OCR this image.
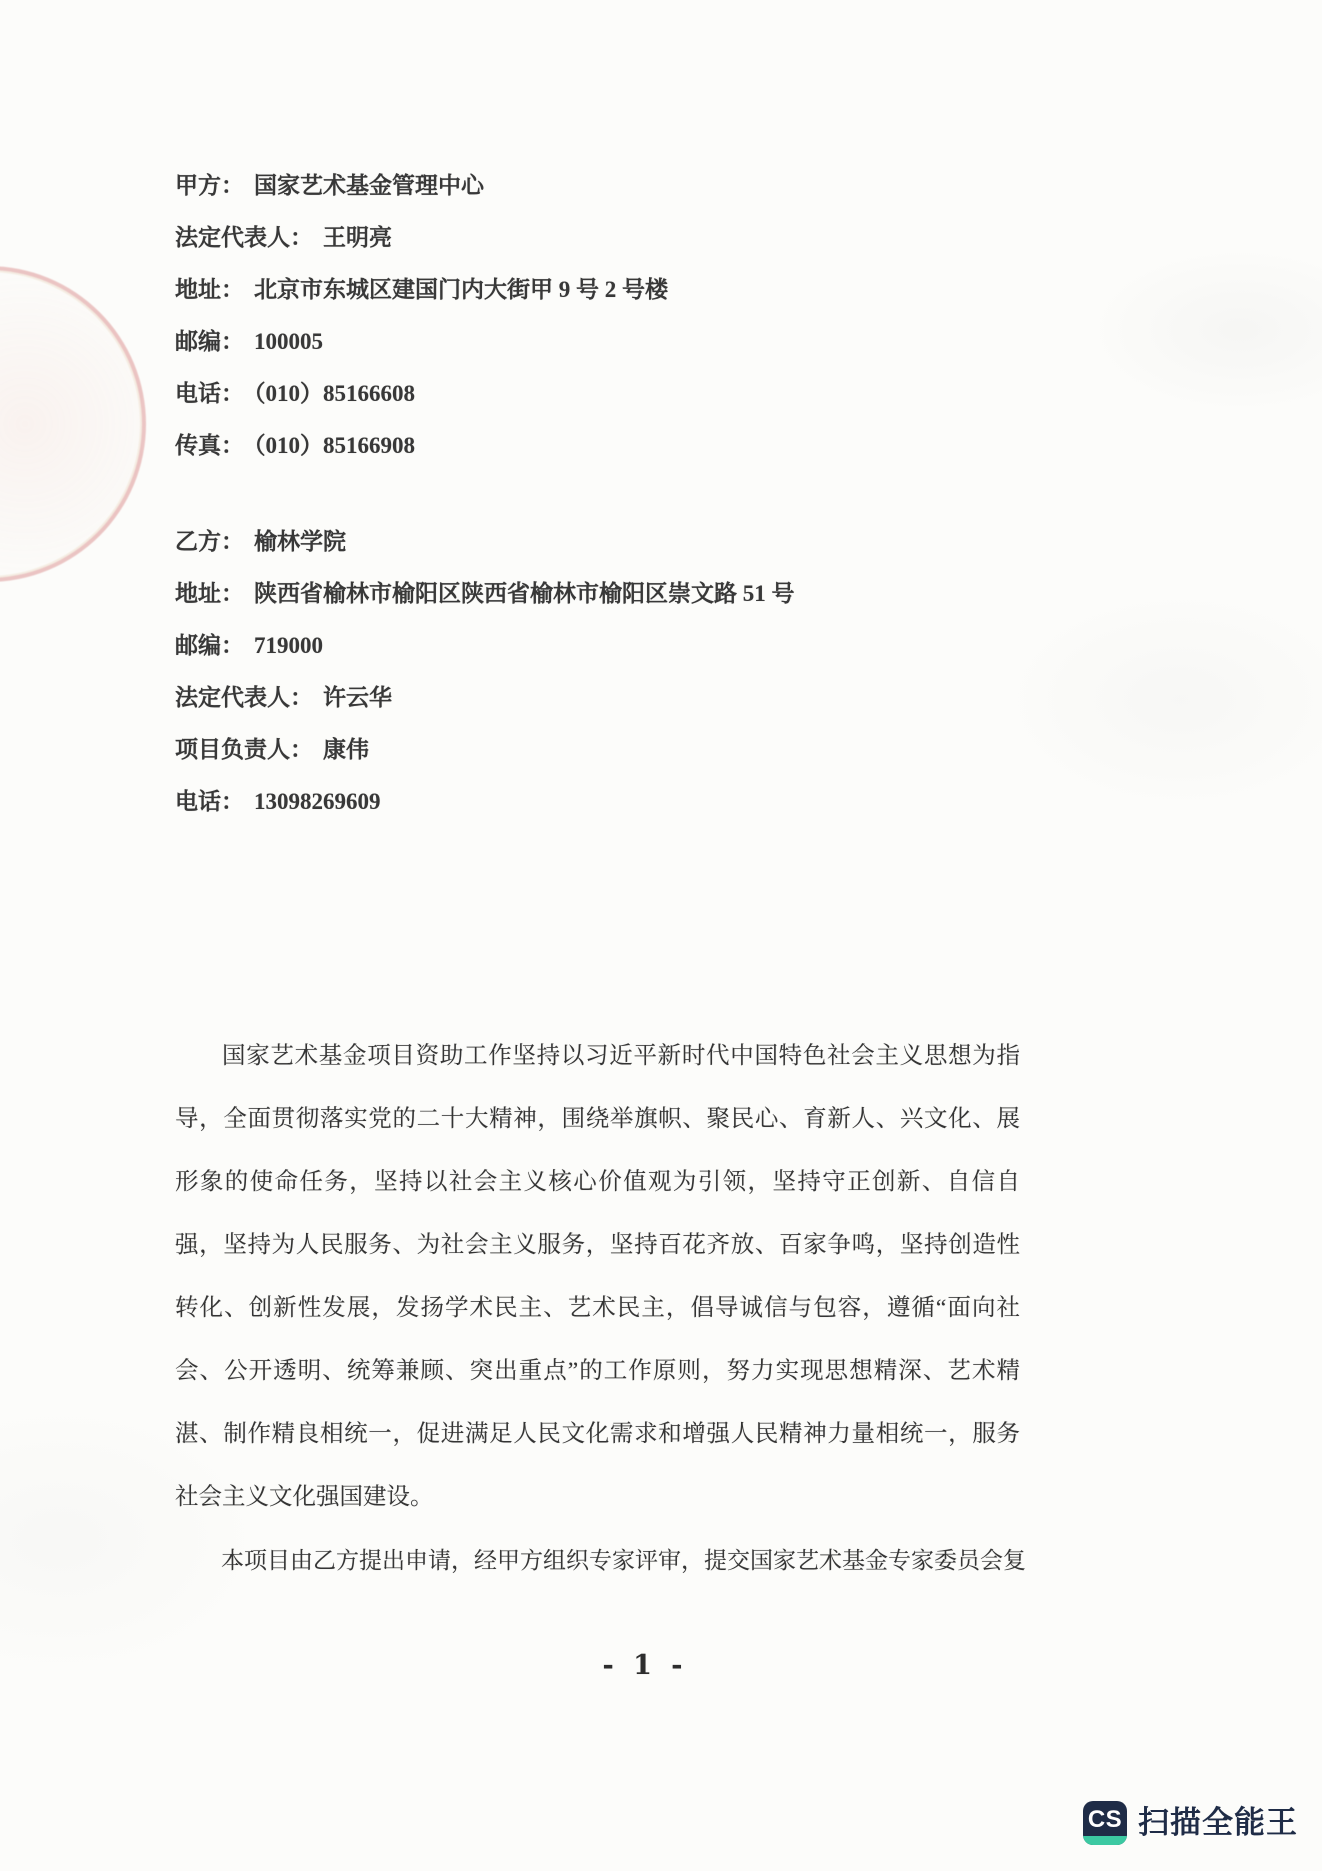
甲方： 国家艺术基金管理中心
法定代表人： 王明亮
地址： 北京市东城区建国门内大街甲 9 号 2 号楼
邮编： 100005
电话： （010）85166608
传真： （010）85166908
乙方： 榆林学院
地址： 陕西省榆林市榆阳区陕西省榆林市榆阳区崇文路 51 号
邮编： 719000
法定代表人： 许云华
项目负责人： 康伟
电话： 13098269609

国家艺术基金项目资助工作坚持以习近平新时代中国特色社会主义思想为指导，全面贯彻落实党的二十大精神，围绕举旗帜、聚民心、育新人、兴文化、展形象的使命任务，坚持以社会主义核心价值观为引领，坚持守正创新、自信自强，坚持为人民服务、为社会主义服务，坚持百花齐放、百家争鸣，坚持创造性转化、创新性发展，发扬学术民主、艺术民主，倡导诚信与包容，遵循“面向社会、公开透明、统筹兼顾、突出重点”的工作原则，努力实现思想精深、艺术精湛、制作精良相统一，促进满足人民文化需求和增强人民精神力量相统一，服务社会主义文化强国建设。

本项目由乙方提出申请，经甲方组织专家评审，提交国家艺术基金专家委员会复

- 1 -
CS 扫描全能王
